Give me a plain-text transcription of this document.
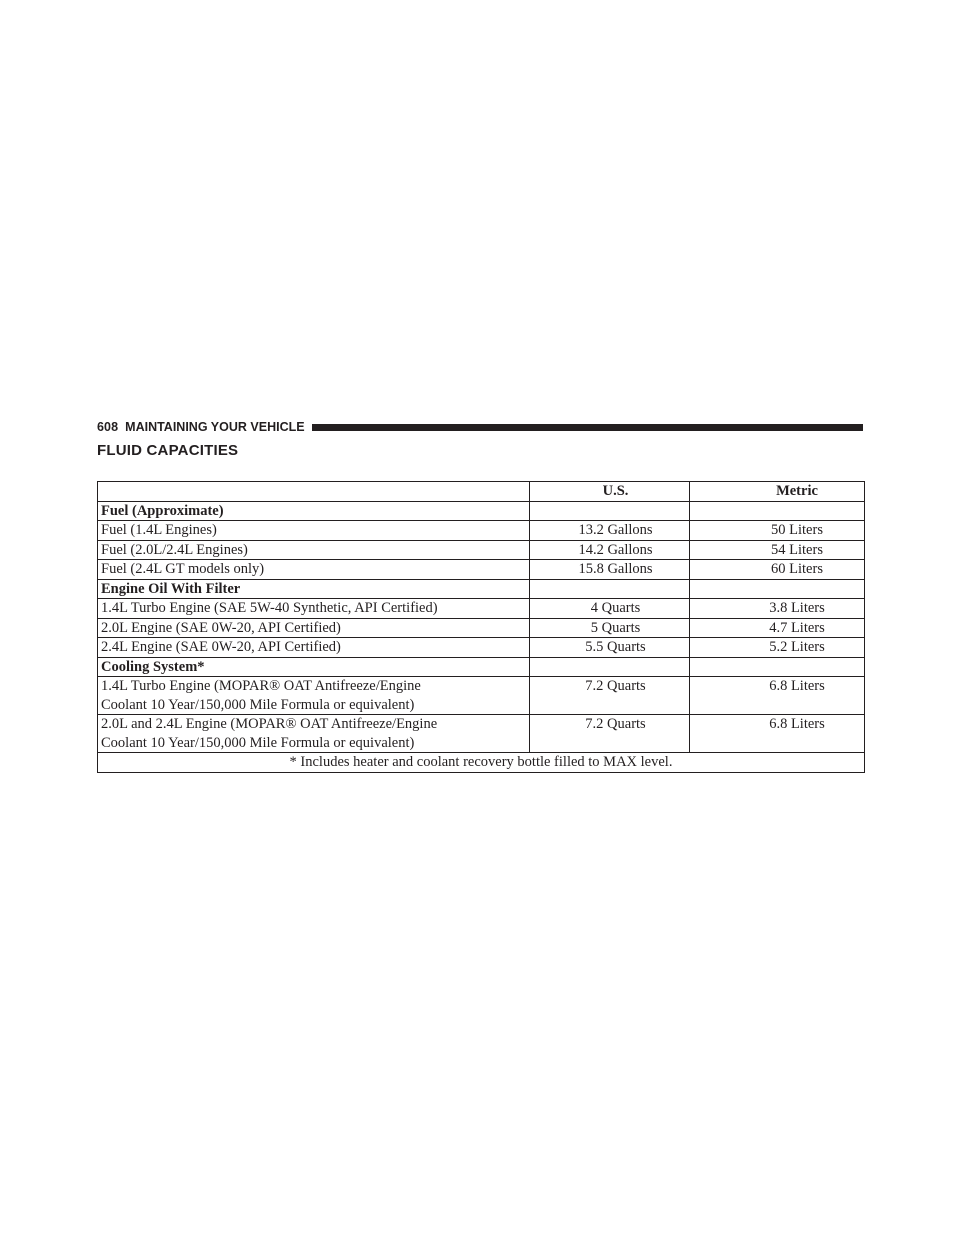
608 MAINTAINING YOUR VEHICLE
FLUID CAPACITIES
	U.S.	Metric
Fuel (Approximate)		
Fuel (1.4L Engines)	13.2 Gallons	50 Liters
Fuel (2.0L/2.4L Engines)	14.2 Gallons	54 Liters
Fuel (2.4L GT models only)	15.8 Gallons	60 Liters
Engine Oil With Filter		
1.4L Turbo Engine (SAE 5W-40 Synthetic, API Certified)	4 Quarts	3.8 Liters
2.0L Engine (SAE 0W-20, API Certified)	5 Quarts	4.7 Liters
2.4L Engine (SAE 0W-20, API Certified)	5.5 Quarts	5.2 Liters
Cooling System*		

1.4L Turbo Engine (MOPAR® OAT Antifreeze/Engine
Coolant 10 Year/150,000 Mile Formula or equivalent)	7.2 Quarts	6.8 Liters

2.0L and 2.4L Engine (MOPAR® OAT Antifreeze/Engine
Coolant 10 Year/150,000 Mile Formula or equivalent)	7.2 Quarts	6.8 Liters
* Includes heater and coolant recovery bottle filled to MAX level.		
